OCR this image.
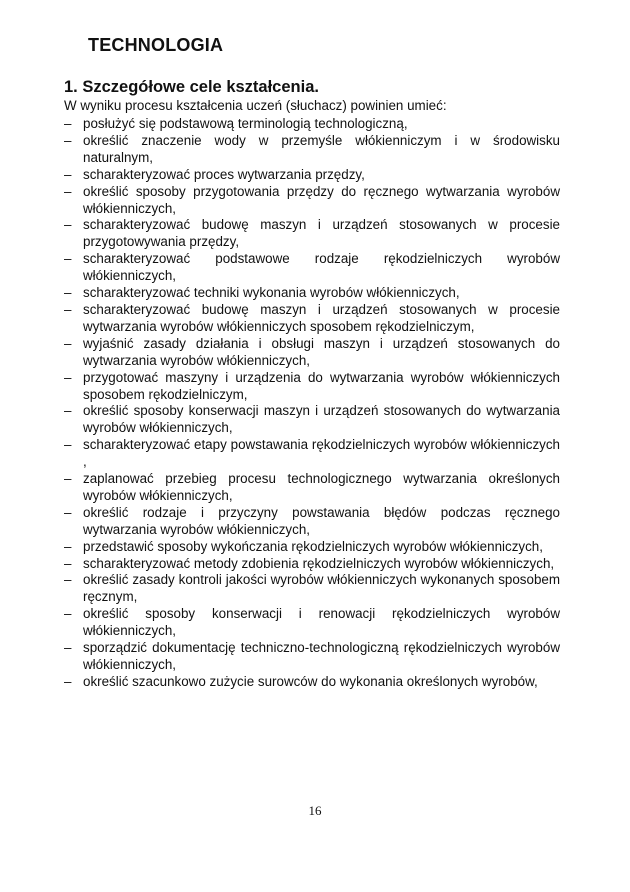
TECHNOLOGIA
1. Szczegółowe cele kształcenia.
W wyniku procesu kształcenia uczeń (słuchacz) powinien umieć:
– posłużyć się podstawową terminologią technologiczną,
– określić znaczenie wody w przemyśle włókienniczym i w środowisku naturalnym,
– scharakteryzować proces wytwarzania przędzy,
– określić sposoby przygotowania przędzy do ręcznego wytwarzania wyrobów włókienniczych,
– scharakteryzować budowę maszyn i urządzeń stosowanych w procesie przygotowywania przędzy,
– scharakteryzować podstawowe rodzaje rękodzielniczych wyrobów włókienniczych,
– scharakteryzować techniki wykonania wyrobów włókienniczych,
– scharakteryzować budowę maszyn i urządzeń stosowanych w procesie wytwarzania wyrobów włókienniczych sposobem rękodzielniczym,
– wyjaśnić zasady działania i obsługi maszyn i urządzeń stosowanych do wytwarzania wyrobów włókienniczych,
– przygotować maszyny i urządzenia do wytwarzania wyrobów włókienniczych sposobem rękodzielniczym,
– określić sposoby konserwacji maszyn i urządzeń stosowanych do wytwarzania wyrobów włókienniczych,
– scharakteryzować etapy powstawania rękodzielniczych wyrobów włókienniczych ,
– zaplanować przebieg procesu technologicznego wytwarzania określonych wyrobów włókienniczych,
– określić rodzaje i przyczyny powstawania błędów podczas ręcznego wytwarzania wyrobów włókienniczych,
– przedstawić sposoby wykończania rękodzielniczych wyrobów włókienniczych,
– scharakteryzować metody zdobienia rękodzielniczych wyrobów włókienniczych,
– określić zasady kontroli jakości wyrobów włókienniczych wykonanych sposobem ręcznym,
– określić sposoby konserwacji i renowacji rękodzielniczych wyrobów włókienniczych,
– sporządzić dokumentację techniczno-technologiczną rękodzielniczych wyrobów włókienniczych,
– określić szacunkowo zużycie surowców do wykonania określonych wyrobów,
16
